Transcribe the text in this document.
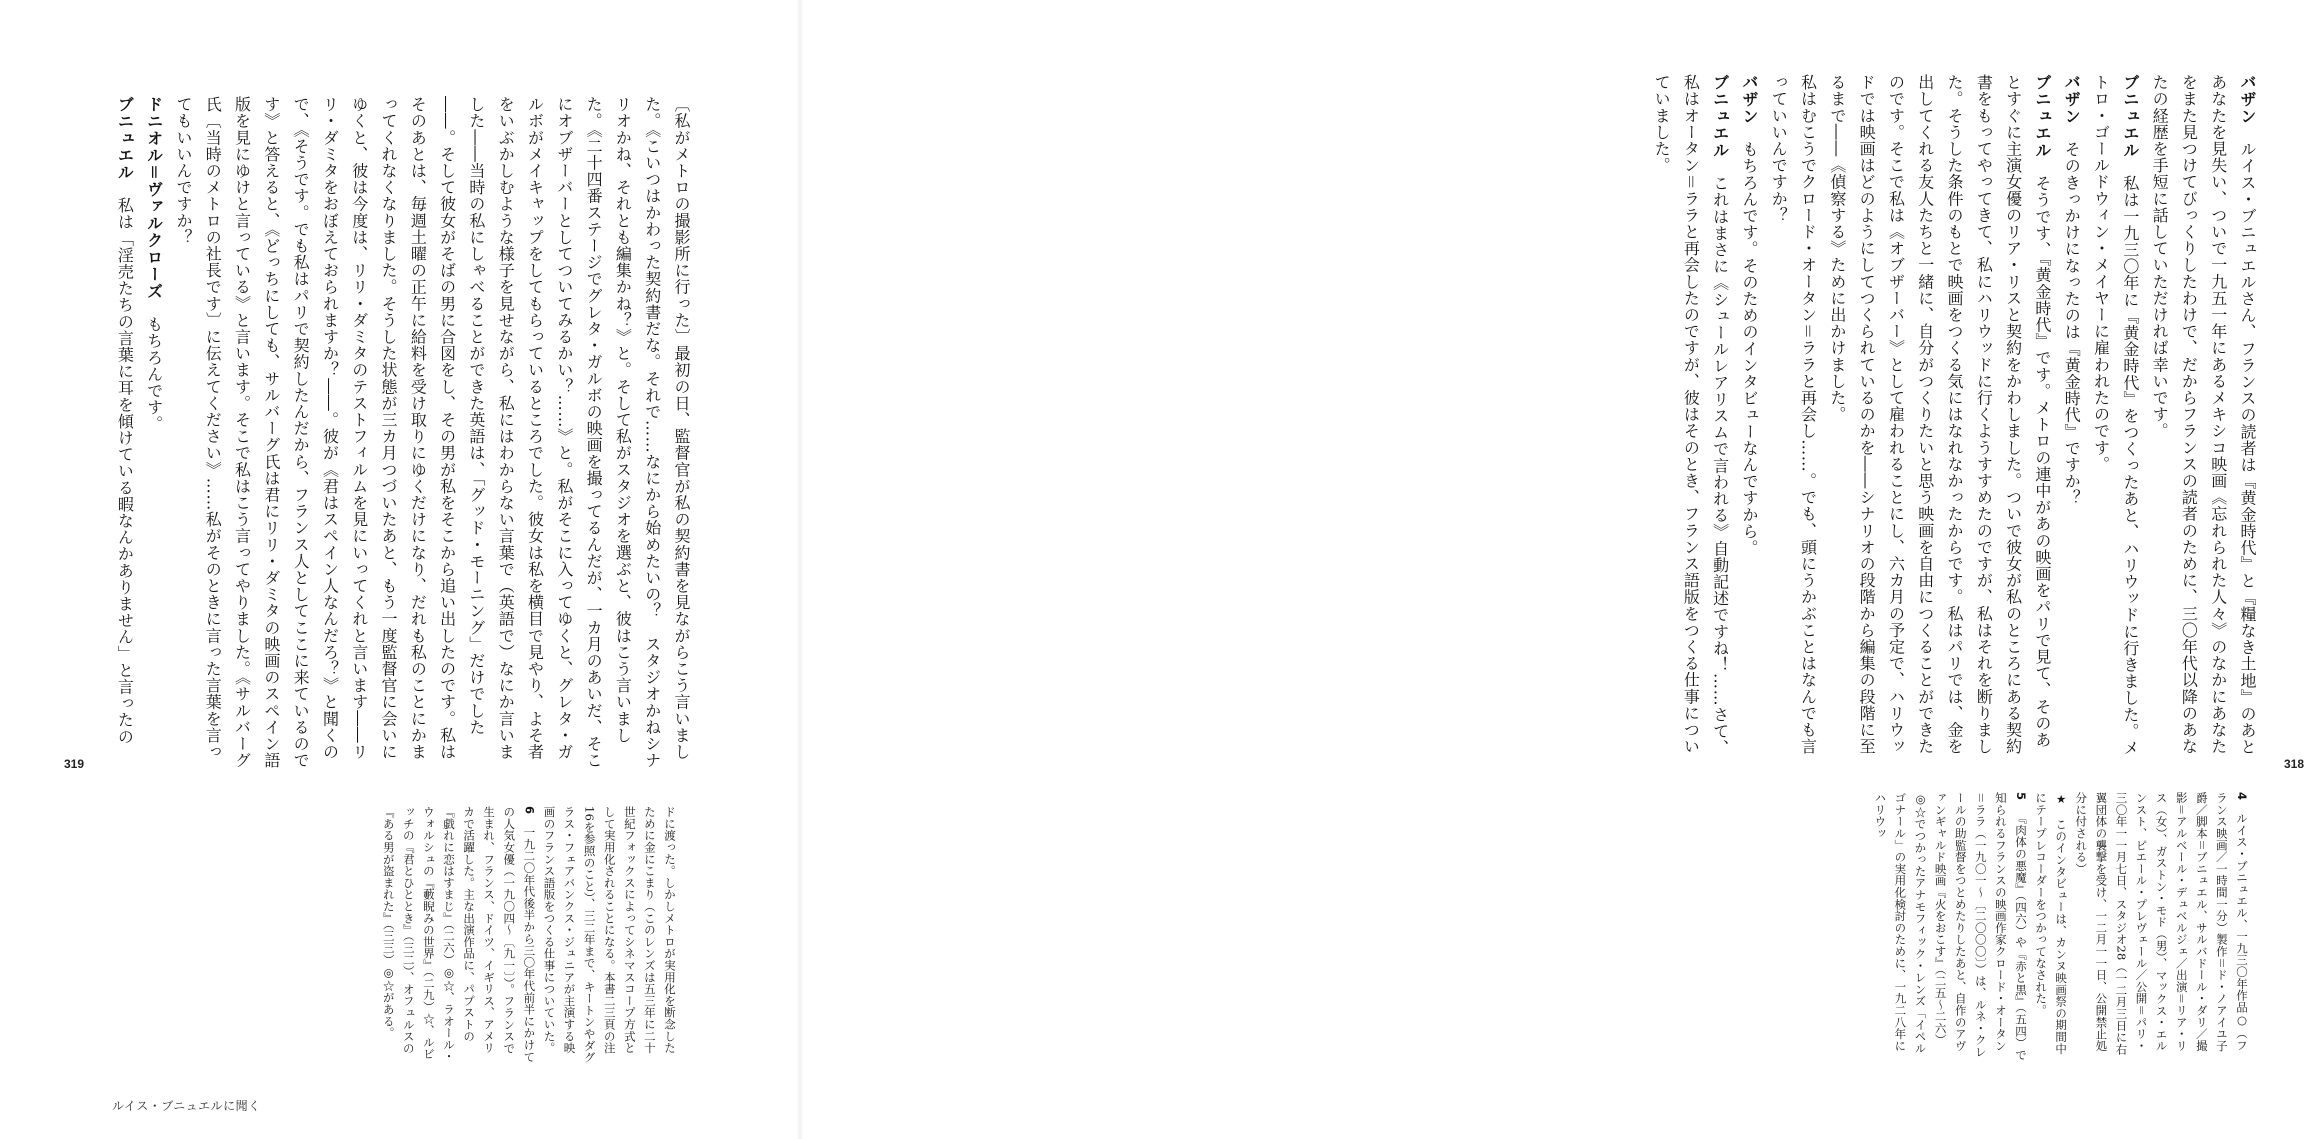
バザンルイス・ブニュエルさん、フランスの読者は『黄金時代』と『糧なき土地』のあとあなたを見失い、ついで一九五一年にあるメキシコ映画《忘れられた人々》のなかにあなたをまた見つけてびっくりしたわけで、だからフランスの読者のために、三〇年代以降のあなたの経歴を手短に話していただければ幸いです。

ブニュエル私は一九三〇年に『黄金時代』をつくったあと、ハリウッドに行きました。メトロ・ゴールドウィン・メイヤーに雇われたのです。

バザンそのきっかけになったのは『黄金時代』ですか？

ブニュエルそうです、『黄金時代』です。メトロの連中があの映画をパリで見て、そのあとすぐに主演女優のリア・リスと契約をかわしました。ついで彼女が私のところにある契約書をもってやってきて、私にハリウッドに行くようすすめたのですが、私はそれを断りました。そうした条件のもとで映画をつくる気にはなれなかったからです。私はパリでは、金を出してくれる友人たちと一緒に、自分がつくりたいと思う映画を自由につくることができたのです。そこで私は《オブザーバー》として雇われることにし、六カ月の予定で、ハリウッドでは映画はどのようにしてつくられているのかを――シナリオの段階から編集の段階に至るまで――《偵察する》ために出かけました。

私はむこうでクロード・オータン＝ララと再会し……。でも、頭にうかぶことはなんでも言っていいんですか？

バザンもちろんです。そのためのインタビューなんですから。

ブニュエルこれはまさに《シュールレアリスムで言われる》自動記述ですね！……さて、私はオータン＝ララと再会したのですが、彼はそのとき、フランス語版をつくる仕事についていました。

4ルイス・ブニュエル、一九三〇年作品○（フランス映画／一時間一分）製作＝ド・ノアイユ子爵／脚本＝ブニュエル、サルバドール・ダリ／撮影＝アルベール・デュベルジェ／出演＝リア・リス（女）、ガストン・モド（男）、マックス・エルンスト、ピエール・プレヴェール／公開＝パリ・三〇年一一月七日、スタジオ28（一二月三日に右翼団体の襲撃を受け、一二月一一日、公開禁止処分に付される）

★このインタビューは、カンヌ映画祭の期間中にテープレコーダーをつかってなされた。

5『肉体の悪魔』（四六）や『赤と黒』（五四）で知られるフランスの映画作家クロード・オータン＝ララ（一九〇一～〔二〇〇〇〕）は、ルネ・クレールの助監督をつとめたりしたあと、自作のアヴァンギャルド映画『火をおこす』（二五～二六）◎☆でつかったアナモフィック・レンズ「イペルゴナール」の実用化検討のために、一九二八年にハリウッ

318

〔私がメトロの撮影所に行った〕最初の日、監督官が私の契約書を見ながらこう言いました。《こいつはかわった契約書だな。それで……なにから始めたいの？　スタジオかねシナリオかね、それとも編集かね？》と。そして私がスタジオを選ぶと、彼はこう言いました。《二十四番ステージでグレタ・ガルボの映画を撮ってるんだが、一カ月のあいだ、そこにオブザーバーとしてついてみるかい？……》と。私がそこに入ってゆくと、グレタ・ガルボがメイキャップをしてもらっているところでした。彼女は私を横目で見やり、よそ者をいぶかしむような様子を見せながら、私にはわからない言葉で（英語で）なにか言いました――当時の私にしゃべることができた英語は、「グッド・モーニング」だけでした――。そして彼女がそばの男に合図をし、その男が私をそこから追い出したのです。私はそのあとは、毎週土曜の正午に給料を受け取りにゆくだけになり、だれも私のことにかまってくれなくなりました。そうした状態が三カ月つづいたあと、もう一度監督官に会いにゆくと、彼は今度は、リリ・ダミタのテストフィルムを見にいってくれと言います――リリ・ダミタをおぼえておられますか？――。彼が《君はスペイン人なんだろ？》と聞くので、《そうです。でも私はパリで契約したんだから、フランス人としてここに来ているのです》と答えると、《どっちにしても、サルバーグ氏は君にリリ・ダミタの映画のスペイン語版を見にゆけと言っている》と言います。そこで私はこう言ってやりました。《サルバーグ氏〔当時のメトロの社長です〕に伝えてください》……私がそのときに言った言葉を言ってもいいんですか？

ドニオル＝ヴァルクローズもちろんです。

ブニュエル私は「淫売たちの言葉に耳を傾けている暇なんかありません」と言ったの

ドに渡った。しかしメトロが実用化を断念したために金にこまり（このレンズは五三年に二十世紀フォックスによってシネマスコープ方式として実用化されることになる。本書二三頁の注16を参照のこと）、三二年まで、キートンやダグラス・フェアバンクス・ジュニアが主演する映画のフランス語版をつくる仕事についていた。

6一九二〇年代後半から三〇年代前半にかけての人気女優（一九〇四～〔九一〕）。フランスで生まれ、フランス、ドイツ、イギリス、アメリカで活躍した。主な出演作品に、パプストの『戯れに恋はすまじ』（二六）◎☆、ラオール・ウォルシュの『藪睨みの世界』（二九）☆、ルビッチの『君とひととき』（三二）、オフュルスの『ある男が盗まれた』（三三）◎☆がある。

319
ルイス・ブニュエルに聞く
